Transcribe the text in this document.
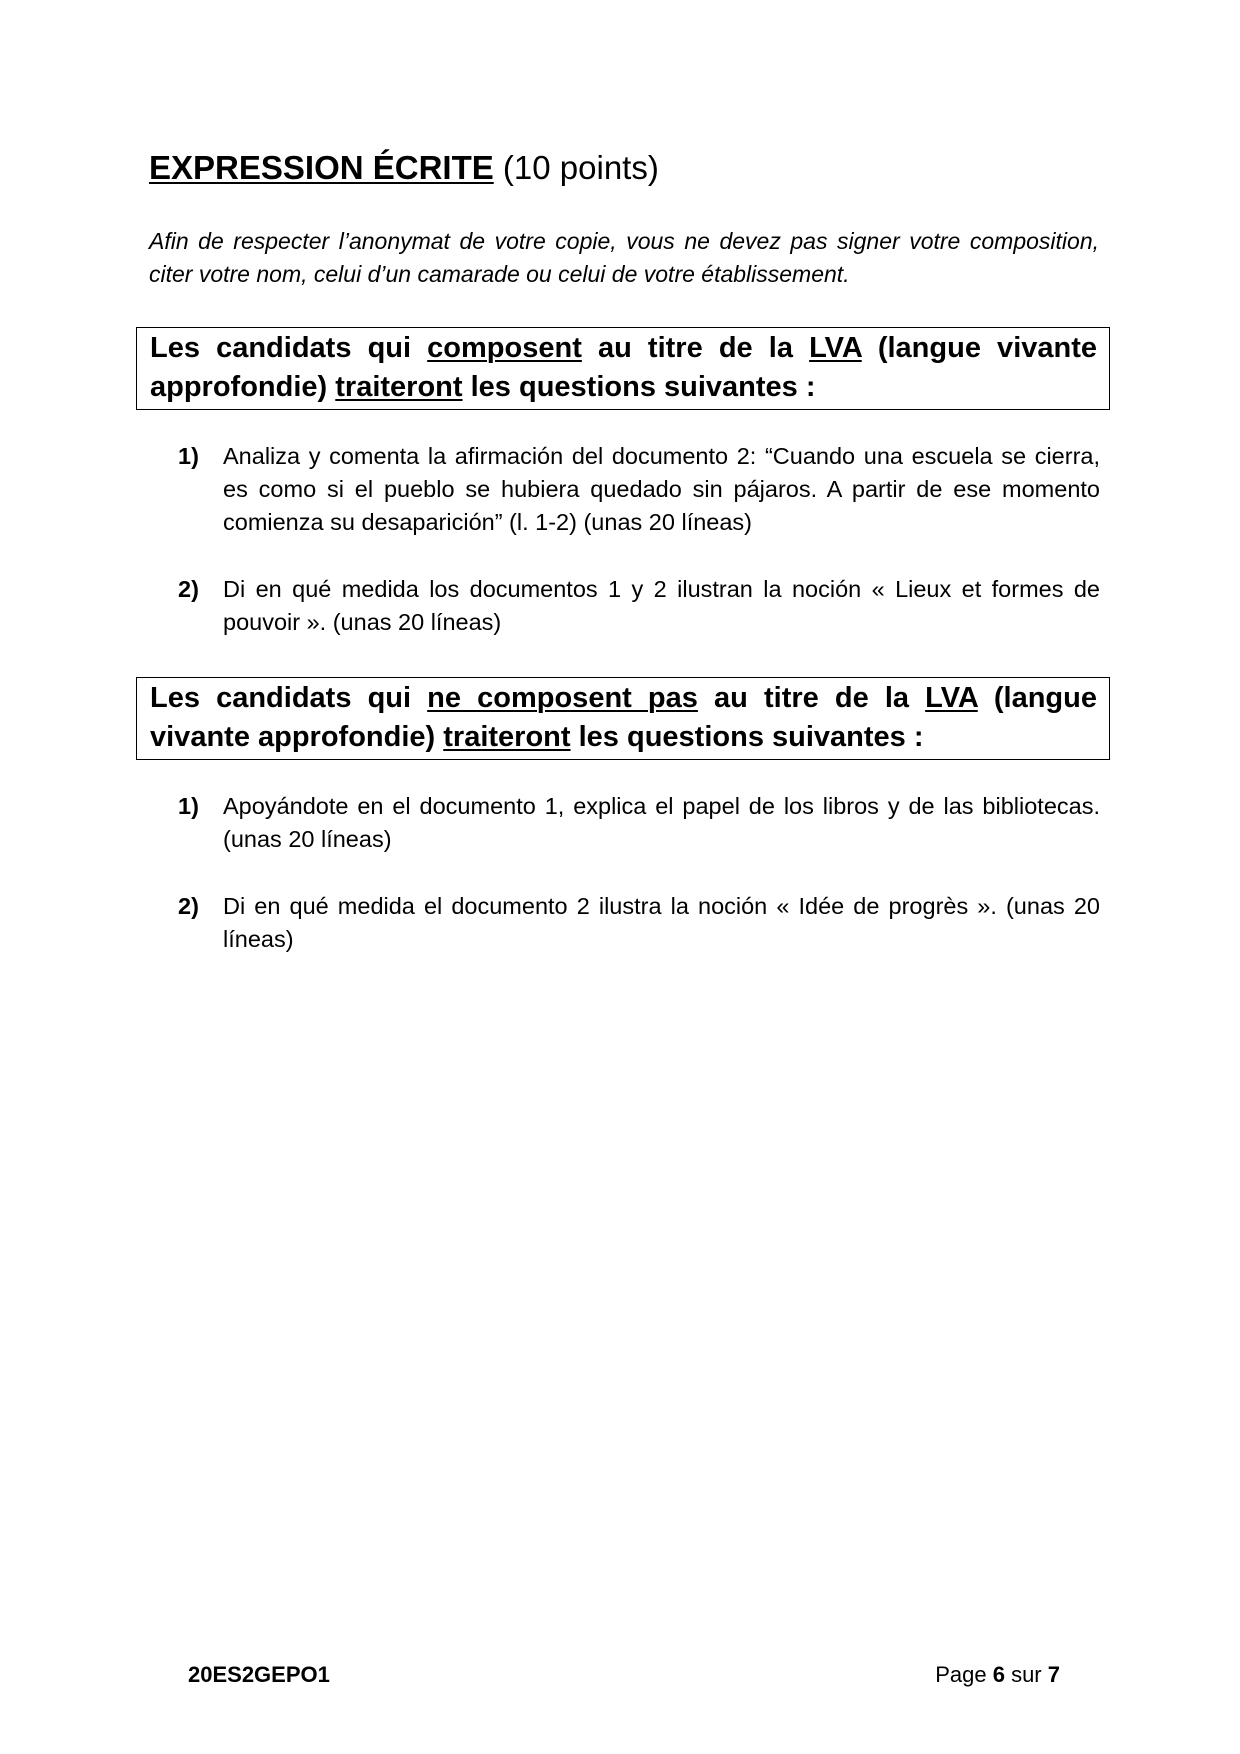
EXPRESSION ÉCRITE (10 points)

Afin de respecter l’anonymat de votre copie, vous ne devez pas signer votre composition, citer votre nom, celui d’un camarade ou celui de votre établissement.

Les candidats qui composent au titre de la LVA (langue vivante approfondie) traiteront les questions suivantes :
1)	Analiza y comenta la afirmación del documento 2: “Cuando una escuela se cierra, es como si el pueblo se hubiera quedado sin pájaros. A partir de ese momento comienza su desaparición” (l. 1-2) (unas 20 líneas)
2)	Di en qué medida los documentos 1 y 2 ilustran la noción « Lieux et formes de pouvoir ». (unas 20 líneas)
Les candidats qui ne composent pas au titre de la LVA (langue vivante approfondie) traiteront les questions suivantes :
1)	Apoyándote en el documento 1, explica el papel de los libros y de las bibliotecas. (unas 20 líneas)
2)	Di en qué medida el documento 2 ilustra la noción « Idée de progrès ». (unas 20 líneas)
20ES2GEPO1	Page 6 sur 7
